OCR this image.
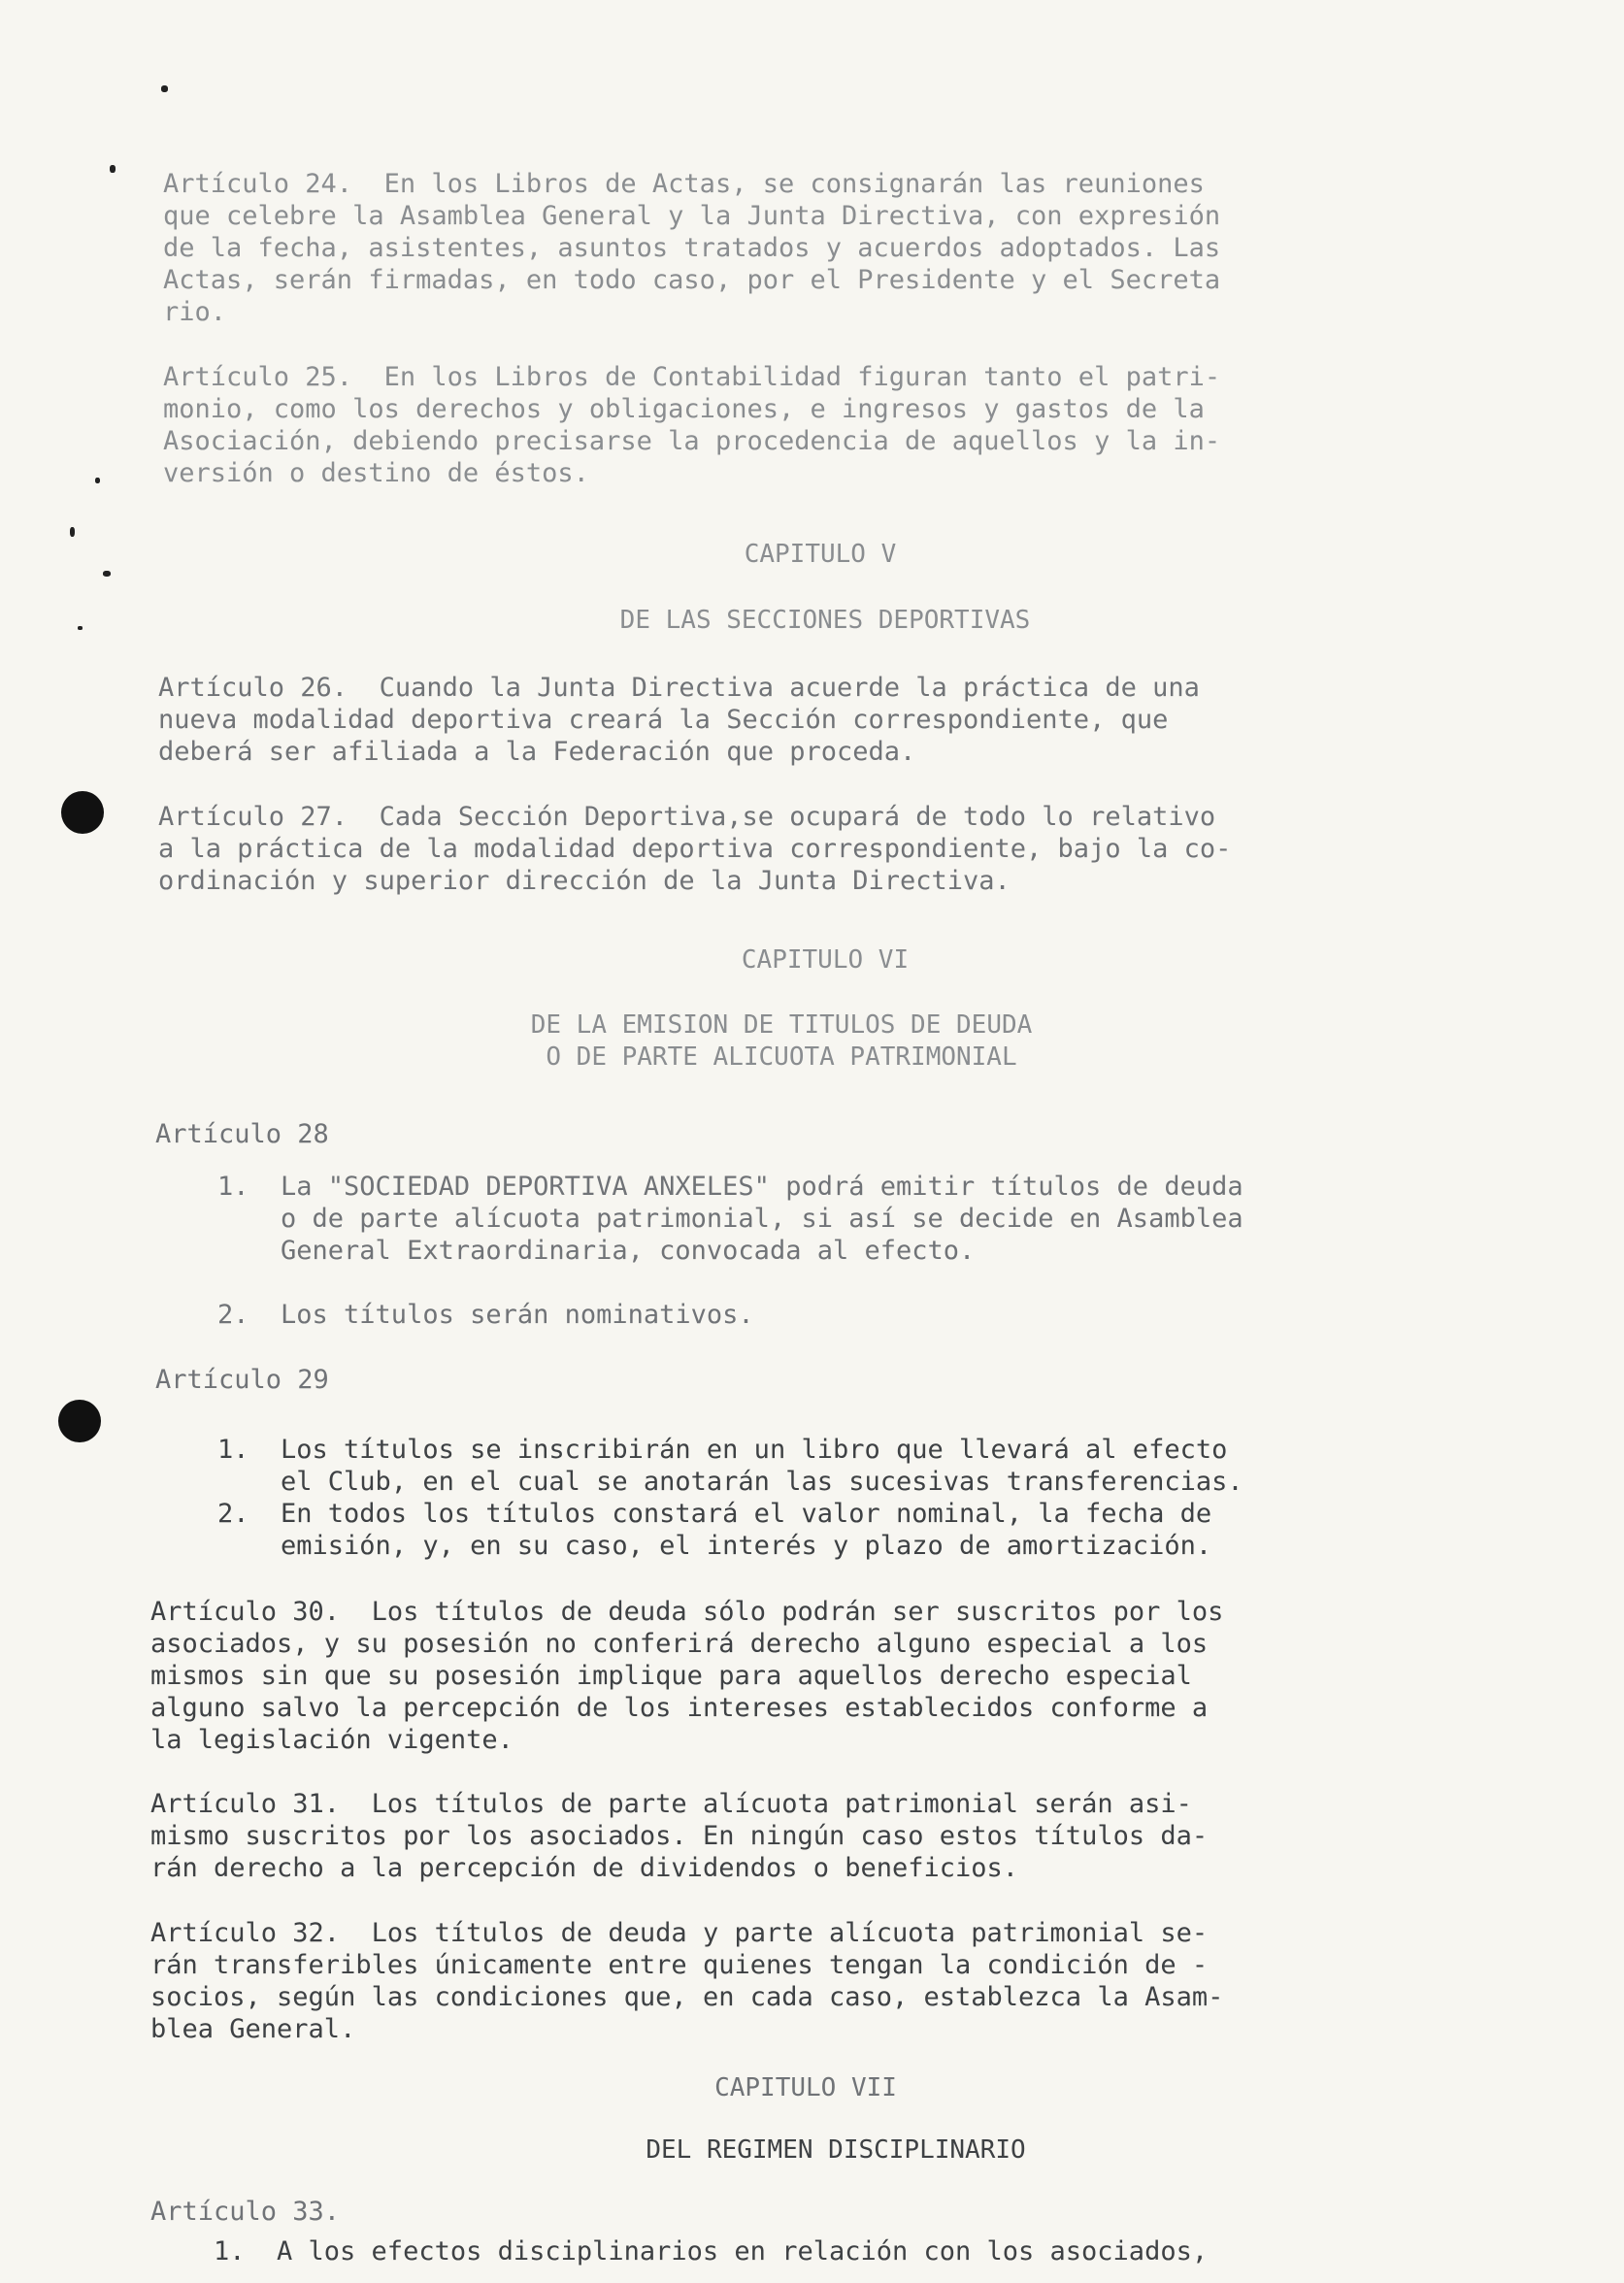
Artículo 24.  En los Libros de Actas, se consignarán las reuniones

que celebre la Asamblea General y la Junta Directiva, con expresión

de la fecha, asistentes, asuntos tratados y acuerdos adoptados. Las

Actas, serán firmadas, en todo caso, por el Presidente y el Secreta

rio.

Artículo 25.  En los Libros de Contabilidad figuran tanto el patri-

monio, como los derechos y obligaciones, e ingresos y gastos de la

Asociación, debiendo precisarse la procedencia de aquellos y la in-

versión o destino de éstos.

CAPITULO V

DE LAS SECCIONES DEPORTIVAS

Artículo 26.  Cuando la Junta Directiva acuerde la práctica de una

nueva modalidad deportiva creará la Sección correspondiente, que

deberá ser afiliada a la Federación que proceda.

Artículo 27.  Cada Sección Deportiva,se ocupará de todo lo relativo

a la práctica de la modalidad deportiva correspondiente, bajo la co-

ordinación y superior dirección de la Junta Directiva.

CAPITULO VI

DE LA EMISION DE TITULOS DE DEUDA

O DE PARTE ALICUOTA PATRIMONIAL

Artículo 28

1.  La "SOCIEDAD DEPORTIVA ANXELES" podrá emitir títulos de deuda

o de parte alícuota patrimonial, si así se decide en Asamblea

General Extraordinaria, convocada al efecto.

2.  Los títulos serán nominativos.

Artículo 29

1.  Los títulos se inscribirán en un libro que llevará al efecto

el Club, en el cual se anotarán las sucesivas transferencias.

2.  En todos los títulos constará el valor nominal, la fecha de

emisión, y, en su caso, el interés y plazo de amortización.

Artículo 30.  Los títulos de deuda sólo podrán ser suscritos por los

asociados, y su posesión no conferirá derecho alguno especial a los

mismos sin que su posesión implique para aquellos derecho especial

alguno salvo la percepción de los intereses establecidos conforme a

la legislación vigente.

Artículo 31.  Los títulos de parte alícuota patrimonial serán asi-

mismo suscritos por los asociados. En ningún caso estos títulos da-

rán derecho a la percepción de dividendos o beneficios.

Artículo 32.  Los títulos de deuda y parte alícuota patrimonial se-

rán transferibles únicamente entre quienes tengan la condición de -

socios, según las condiciones que, en cada caso, establezca la Asam-

blea General.

CAPITULO VII

DEL REGIMEN DISCIPLINARIO

Artículo 33.

1.  A los efectos disciplinarios en relación con los asociados,
